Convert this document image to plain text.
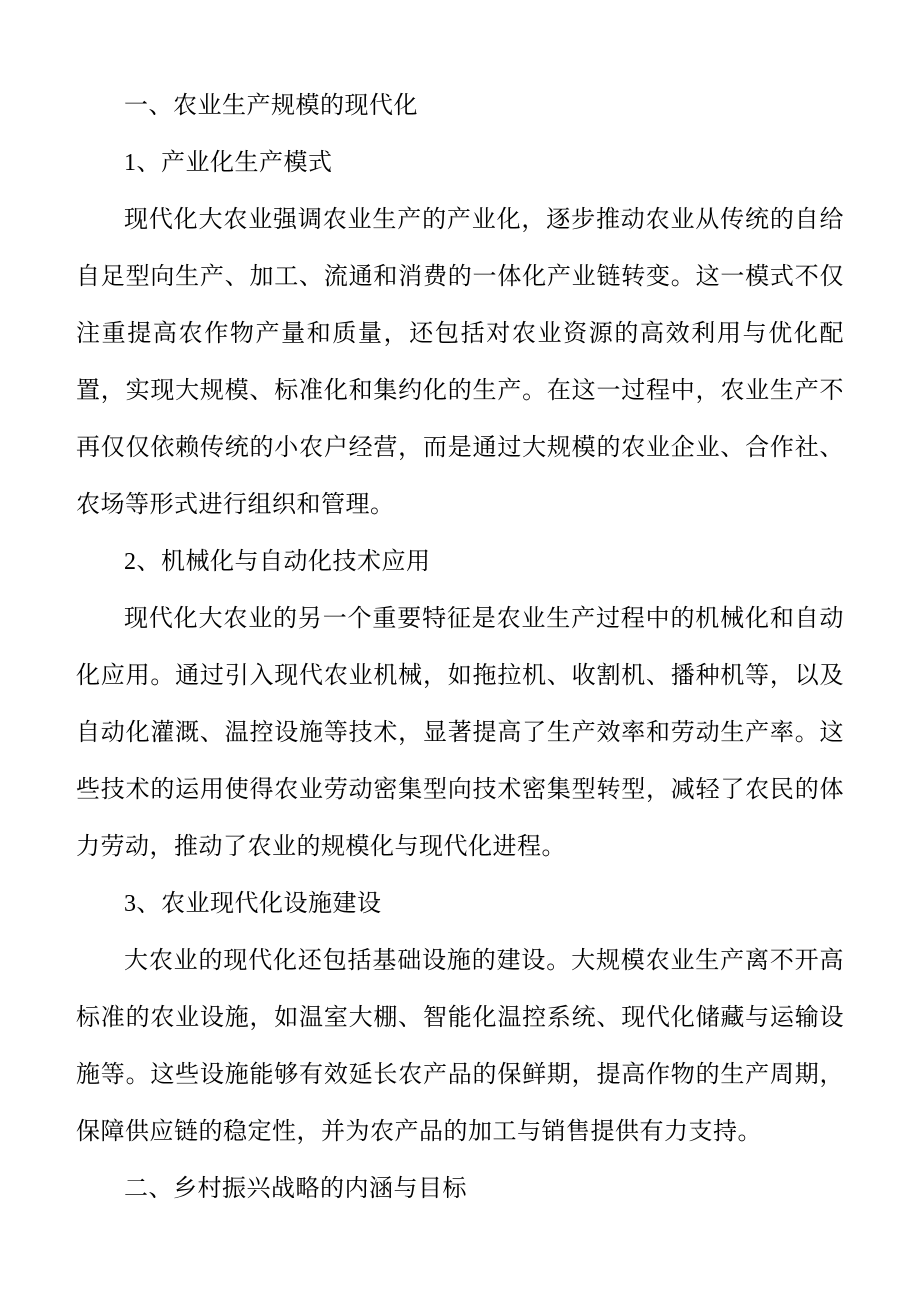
一、农业生产规模的现代化

1、产业化生产模式

现代化大农业强调农业生产的产业化，逐步推动农业从传统的自给自足型向生产、加工、流通和消费的一体化产业链转变。这一模式不仅注重提高农作物产量和质量，还包括对农业资源的高效利用与优化配置，实现大规模、标准化和集约化的生产。在这一过程中，农业生产不再仅仅依赖传统的小农户经营，而是通过大规模的农业企业、合作社、农场等形式进行组织和管理。

2、机械化与自动化技术应用

现代化大农业的另一个重要特征是农业生产过程中的机械化和自动化应用。通过引入现代农业机械，如拖拉机、收割机、播种机等，以及自动化灌溉、温控设施等技术，显著提高了生产效率和劳动生产率。这些技术的运用使得农业劳动密集型向技术密集型转型，减轻了农民的体力劳动，推动了农业的规模化与现代化进程。

3、农业现代化设施建设

大农业的现代化还包括基础设施的建设。大规模农业生产离不开高标准的农业设施，如温室大棚、智能化温控系统、现代化储藏与运输设施等。这些设施能够有效延长农产品的保鲜期，提高作物的生产周期，保障供应链的稳定性，并为农产品的加工与销售提供有力支持。

二、乡村振兴战略的内涵与目标
